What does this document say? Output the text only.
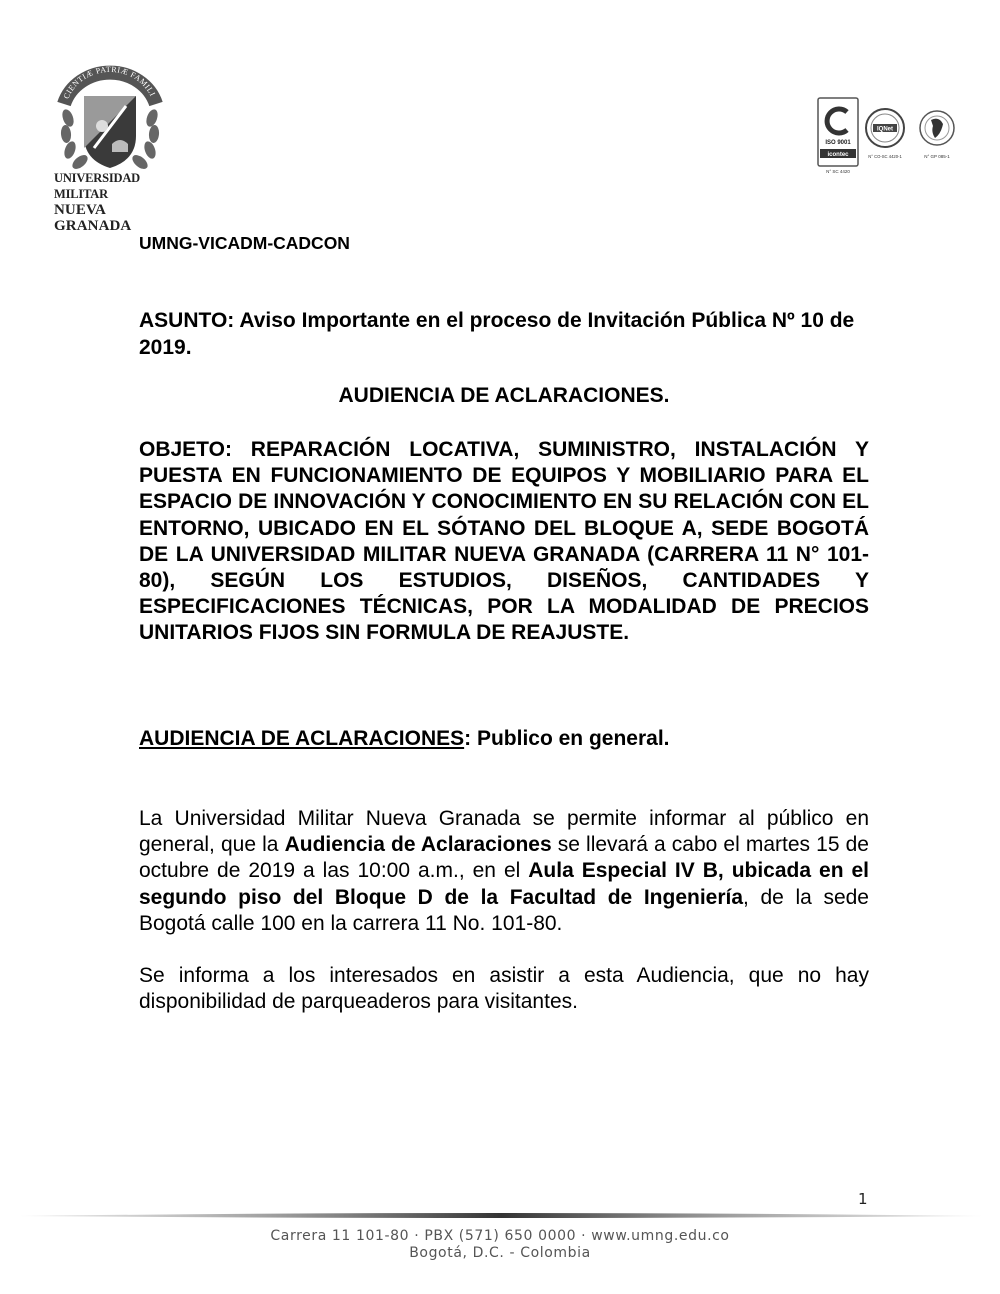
CIENTIÆ PATRIÆ FAMILI
UNIVERSIDAD MILITAR
NUEVA GRANADA
ISO 9001
icontec
N° SC 4420
IQNet
N° CO-SC 4420-1	N° GP 085-1
UMNG-VICADM-CADCON
ASUNTO: Aviso Importante en el proceso de Invitación Pública Nº 10 de 2019.
AUDIENCIA DE ACLARACIONES.
OBJETO: REPARACIÓN LOCATIVA, SUMINISTRO, INSTALACIÓN Y PUESTA EN FUNCIONAMIENTO DE EQUIPOS Y MOBILIARIO PARA EL ESPACIO DE INNOVACIÓN Y CONOCIMIENTO EN SU RELACIÓN CON EL ENTORNO, UBICADO EN EL SÓTANO DEL BLOQUE A, SEDE BOGOTÁ DE LA UNIVERSIDAD MILITAR NUEVA GRANADA (CARRERA 11 N° 101-80), SEGÚN LOS ESTUDIOS, DISEÑOS, CANTIDADES Y ESPECIFICACIONES TÉCNICAS, POR LA MODALIDAD DE PRECIOS UNITARIOS FIJOS SIN FORMULA DE REAJUSTE.
AUDIENCIA DE ACLARACIONES: Publico en general.
La Universidad Militar Nueva Granada se permite informar al público en general, que la Audiencia de Aclaraciones se llevará a cabo el martes 15 de octubre de 2019 a las 10:00 a.m., en el Aula Especial IV B, ubicada en el segundo piso del Bloque D de la Facultad de Ingeniería, de la sede Bogotá calle 100 en la carrera 11 No. 101-80.
Se informa a los interesados en asistir a esta Audiencia, que no hay disponibilidad de parqueaderos para visitantes.
1
Carrera 11 101-80 · PBX (571) 650 0000 · www.umng.edu.co
Bogotá, D.C. - Colombia
